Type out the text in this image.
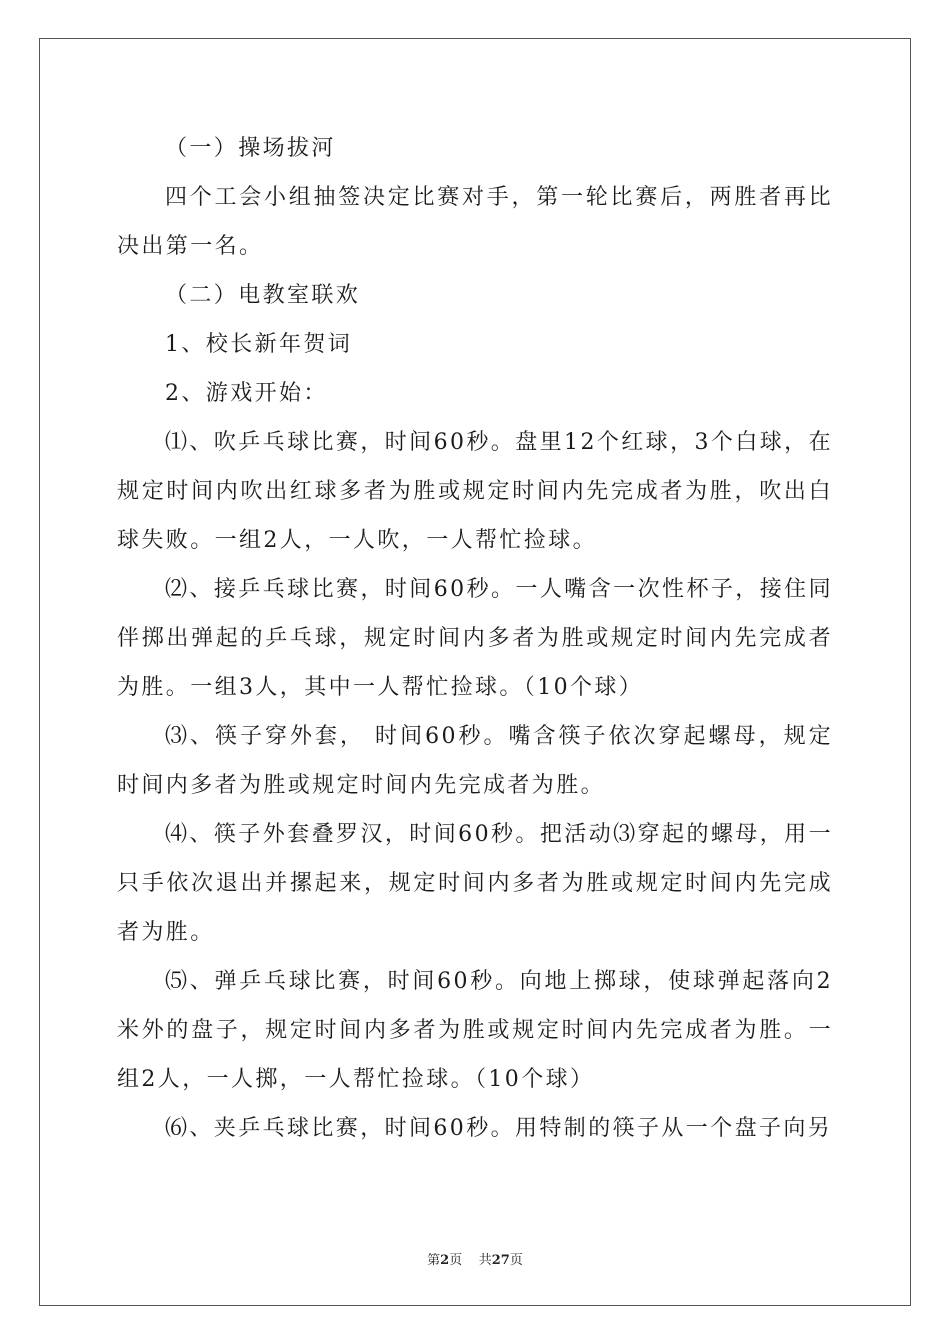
（一）操场拔河

四个工会小组抽签决定比赛对手，第一轮比赛后，两胜者再比决出第一名。

（二）电教室联欢

1、校长新年贺词

2、游戏开始：

⑴、吹乒乓球比赛，时间60秒。盘里12个红球，3个白球，在规定时间内吹出红球多者为胜或规定时间内先完成者为胜，吹出白球失败。一组2人，一人吹，一人帮忙捡球。

⑵、接乒乓球比赛，时间60秒。一人嘴含一次性杯子，接住同伴掷出弹起的乒乓球，规定时间内多者为胜或规定时间内先完成者为胜。一组3人，其中一人帮忙捡球。（10个球）

⑶、筷子穿外套， 时间60秒。嘴含筷子依次穿起螺母，规定时间内多者为胜或规定时间内先完成者为胜。

⑷、筷子外套叠罗汉，时间60秒。把活动⑶穿起的螺母，用一只手依次退出并摞起来，规定时间内多者为胜或规定时间内先完成者为胜。

⑸、弹乒乓球比赛，时间60秒。向地上掷球，使球弹起落向2米外的盘子，规定时间内多者为胜或规定时间内先完成者为胜。一组2人，一人掷，一人帮忙捡球。（10个球）

⑹、夹乒乓球比赛，时间60秒。用特制的筷子从一个盘子向另

第2页 共27页
